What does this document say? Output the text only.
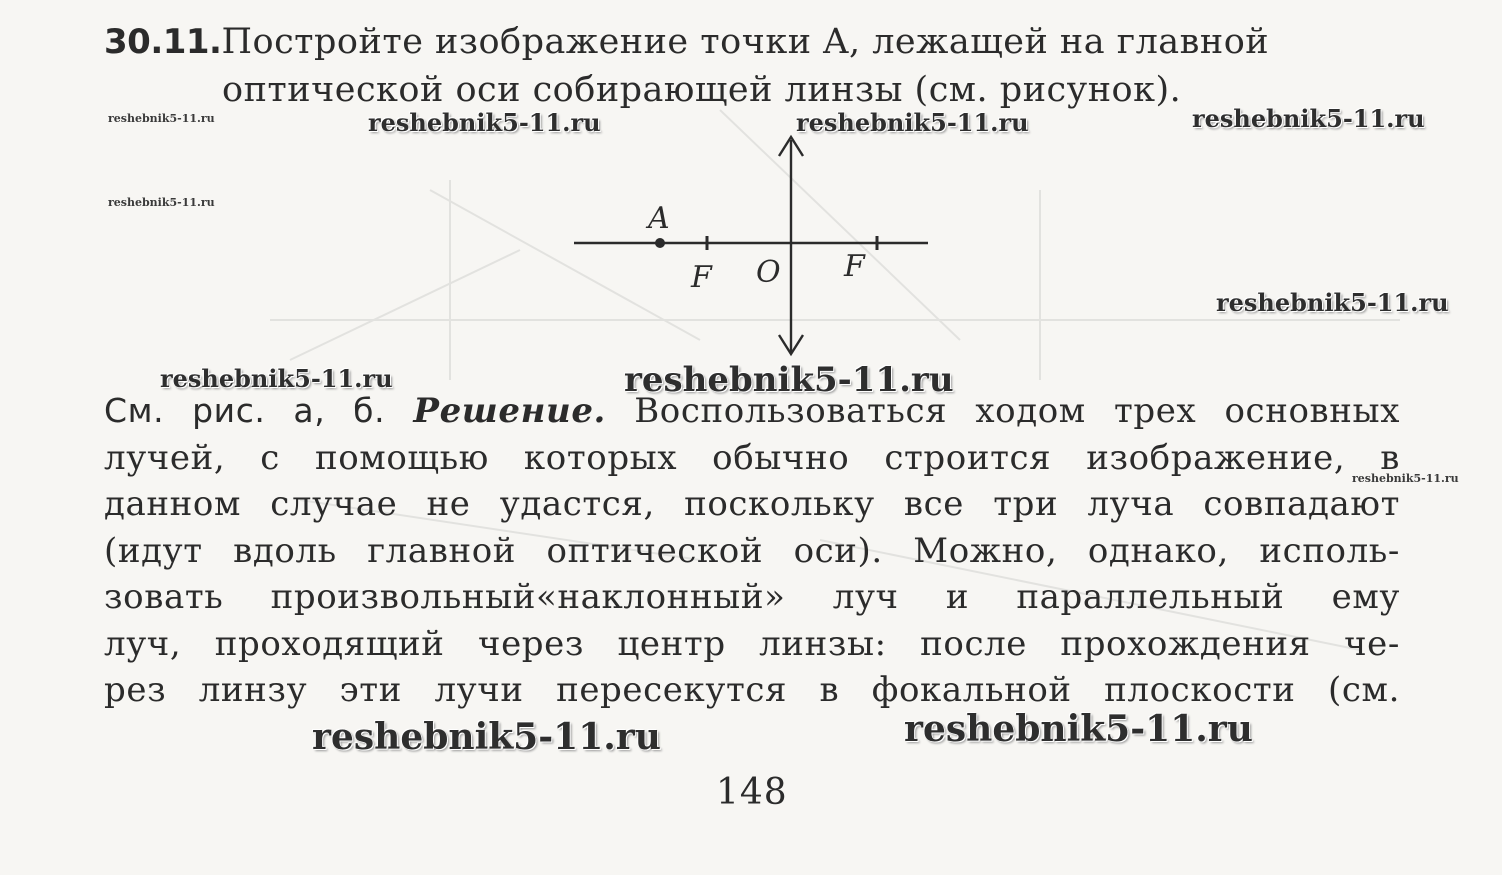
30.11.Постройте изображение точки A, лежащей на главной
оптической оси собирающей линзы (см. рисунок).
A
F O F
См. рис. а, б. Решение. Воспользоваться ходом трех основных
лучей, с помощью которых обычно строится изображение, в
данном случае не удастся, поскольку все три луча совпадают
(идут вдоль главной оптической оси). Можно, однако, исполь-
зовать произвольный«наклонный» луч и параллельный ему
луч, проходящий через центр линзы: после прохождения че-
рез линзу эти лучи пересекутся в фокальной плоскости (см.
148
reshebnik5-11.ru	reshebnik5-11.ru	reshebnik5-11.ru	reshebnik5-11.ru
reshebnik5-11.ru
reshebnik5-11.ru
reshebnik5-11.ru	reshebnik5-11.ru
reshebnik5-11.ru
reshebnik5-11.ru	reshebnik5-11.ru
